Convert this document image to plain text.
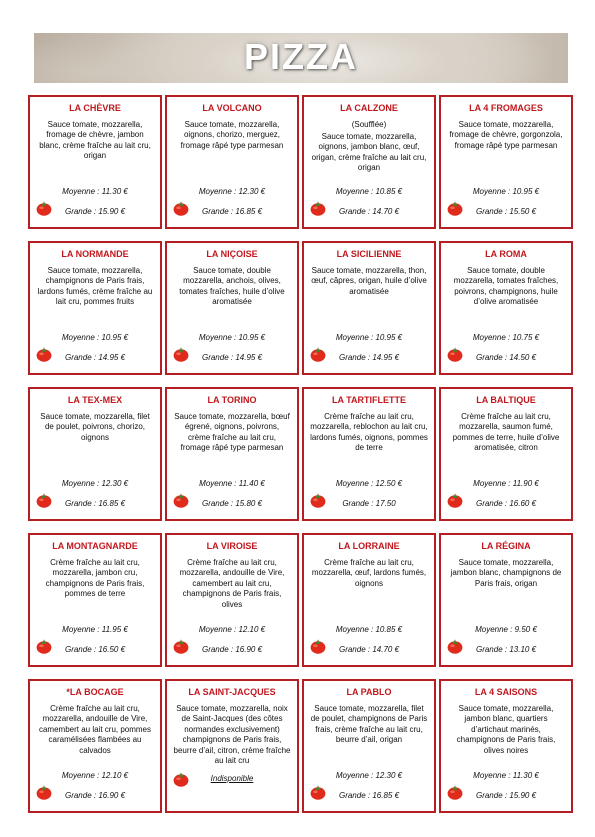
PIZZA
LA CHÈVRE
Sauce tomate, mozzarella, fromage de chèvre, jambon blanc, crème fraîche au lait cru, origan
Moyenne : 11.30 €
Grande : 15.90 €
LA VOLCANO
Sauce tomate, mozzarella, oignons, chorizo, merguez, fromage râpé type parmesan
Moyenne : 12.30 €
Grande : 16.85 €
LA CALZONE
(Soufflée)
Sauce tomate, mozzarella, oignons, jambon blanc, œuf, origan, crème fraîche au lait cru, origan
Moyenne : 10.85 €
Grande : 14.70 €
LA 4 FROMAGES
Sauce tomate, mozzarella, fromage de chèvre, gorgonzola, fromage râpé type parmesan
Moyenne : 10.95 €
Grande : 15.50 €
LA NORMANDE
Sauce tomate, mozzarella, champignons de Paris frais, lardons fumés, crème fraîche au lait cru, pommes fruits
Moyenne : 10.95 €
Grande : 14.95 €
LA NIÇOISE
Sauce tomate, double mozzarella, anchois, olives, tomates fraîches, huile d’olive aromatisée
Moyenne : 10.95 €
Grande : 14.95 €
LA SICILIENNE
Sauce tomate, mozzarella, thon, œuf, câpres, origan, huile d’olive aromatisée
Moyenne : 10.95 €
Grande : 14.95 €
LA ROMA
Sauce tomate, double mozzarella, tomates fraîches, poivrons, champignons, huile d’olive aromatisée
Moyenne : 10.75 €
Grande : 14.50 €
LA TEX-MEX
Sauce tomate, mozzarella, filet de poulet, poivrons, chorizo, oignons
Moyenne : 12.30 €
Grande : 16.85 €
LA TORINO
Sauce tomate, mozzarella, bœuf égrené, oignons, poivrons, crème fraîche au lait cru, fromage râpé type parmesan
Moyenne : 11.40 €
Grande : 15.80 €
LA TARTIFLETTE
Crème fraîche au lait cru, mozzarella, reblochon au lait cru, lardons fumés, oignons, pommes de terre
Moyenne : 12.50 €
Grande : 17.50
LA BALTIQUE
Crème fraîche au lait cru, mozzarella, saumon fumé, pommes de terre, huile d’olive aromatisée, citron
Moyenne : 11.90 €
Grande : 16.60 €
LA MONTAGNARDE
Crème fraîche au lait cru, mozzarella, jambon cru, champignons de Paris frais, pommes de terre
Moyenne : 11.95 €
Grande : 16.50 €
LA VIROISE
Crème fraîche au lait cru, mozzarella, andouille de Vire, camembert au lait cru, champignons de Paris frais, olives
Moyenne : 12.10 €
Grande : 16.90 €
LA LORRAINE
Crème fraîche au lait cru, mozzarella, œuf, lardons fumés, oignons
Moyenne : 10.85 €
Grande : 14.70 €
LA RÉGINA
Sauce tomate, mozzarella, jambon blanc, champignons de Paris frais, origan
Moyenne : 9.50 €
Grande : 13.10 €
*LA BOCAGE
Crème fraîche au lait cru, mozzarella, andouille de Vire, camembert au lait cru, pommes caramélisées flambées au calvados
Moyenne : 12.10 €
Grande : 16.90 €
LA SAINT-JACQUES
Sauce tomate, mozzarella, noix de Saint-Jacques (des côtes normandes exclusivement) champignons de Paris frais, beurre d’ail, citron, crème fraîche au lait cru
Indisponible
LA PABLO
Sauce tomate, mozzarella, filet de poulet, champignons de Paris frais, crème fraîche au lait cru, beurre d’ail, origan
Moyenne : 12.30 €
Grande : 16.85 €
LA 4 SAISONS
Sauce tomate, mozzarella, jambon blanc, quartiers d’artichaut marinés, champignons de Paris frais, olives noires
Moyenne : 11.30 €
Grande : 15.90 €
